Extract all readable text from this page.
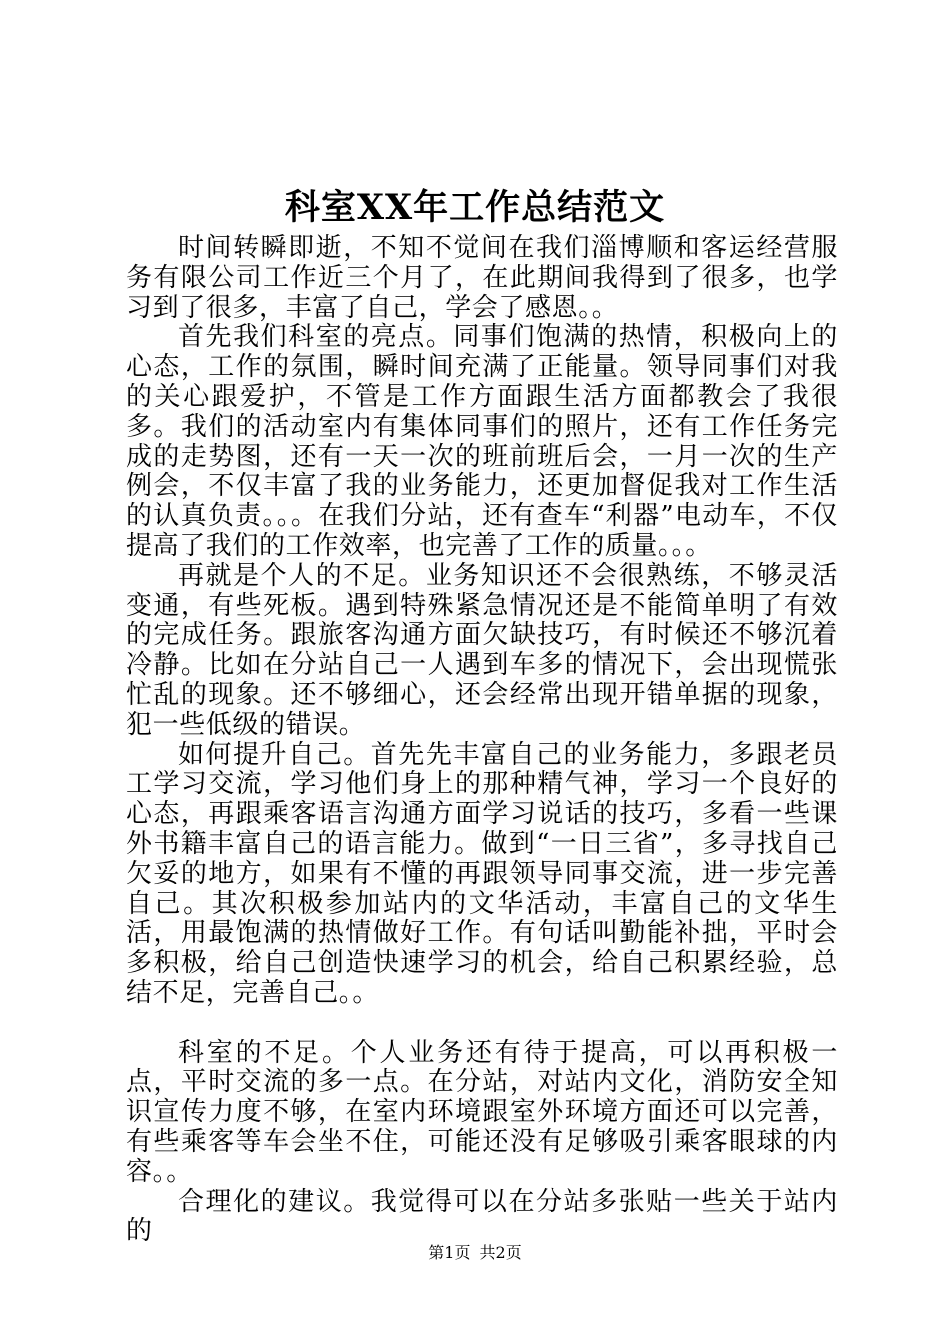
科室XX年工作总结范文

时间转瞬即逝，不知不觉间在我们淄博顺和客运经营服务有限公司工作近三个月了，在此期间我得到了很多，也学习到了很多，丰富了自己，学会了感恩。。

首先我们科室的亮点。同事们饱满的热情，积极向上的心态，工作的氛围，瞬时间充满了正能量。领导同事们对我的关心跟爱护，不管是工作方面跟生活方面都教会了我很多。我们的活动室内有集体同事们的照片，还有工作任务完成的走势图，还有一天一次的班前班后会，一月一次的生产例会，不仅丰富了我的业务能力，还更加督促我对工作生活的认真负责。。。在我们分站，还有查车“利器”电动车，不仅提高了我们的工作效率，也完善了工作的质量。。。

再就是个人的不足。业务知识还不会很熟练，不够灵活变通，有些死板。遇到特殊紧急情况还是不能简单明了有效的完成任务。跟旅客沟通方面欠缺技巧，有时候还不够沉着冷静。比如在分站自己一人遇到车多的情况下，会出现慌张忙乱的现象。还不够细心，还会经常出现开错单据的现象，犯一些低级的错误。

如何提升自己。首先先丰富自己的业务能力，多跟老员工学习交流，学习他们身上的那种精气神，学习一个良好的心态，再跟乘客语言沟通方面学习说话的技巧，多看一些课外书籍丰富自己的语言能力。做到“一日三省”，多寻找自己欠妥的地方，如果有不懂的再跟领导同事交流，进一步完善自己。其次积极参加站内的文华活动，丰富自己的文华生活，用最饱满的热情做好工作。有句话叫勤能补拙，平时会多积极，给自己创造快速学习的机会，给自己积累经验，总结不足，完善自己。。

科室的不足。个人业务还有待于提高，可以再积极一点，平时交流的多一点。在分站，对站内文化，消防安全知识宣传力度不够，在室内环境跟室外环境方面还可以完善，有些乘客等车会坐不住，可能还没有足够吸引乘客眼球的内容。。

合理化的建议。我觉得可以在分站多张贴一些关于站内的

第1页 共2页
